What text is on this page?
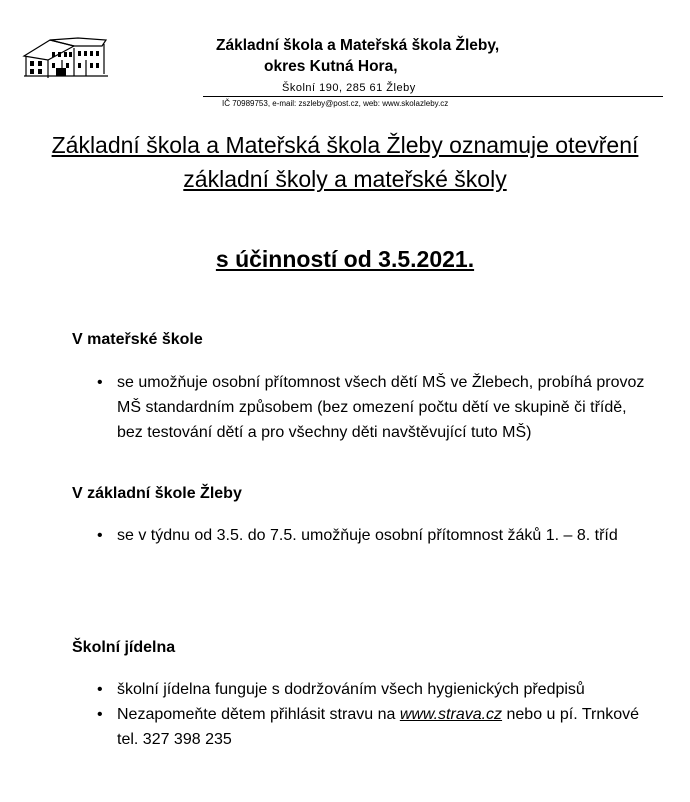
Základní škola a Mateřská škola Žleby,
okres Kutná Hora,
Školní 190, 285 61 Žleby
IČ 70989753, e-mail: zszleby@post.cz, web: www.skolazleby.cz
Základní škola a Mateřská škola Žleby oznamuje otevření základní školy a mateřské školy
s účinností od 3.5.2021.
V mateřské škole
• se umožňuje osobní přítomnost všech dětí MŠ ve Žlebech, probíhá provoz MŠ standardním způsobem (bez omezení počtu dětí ve skupině či třídě, bez testování dětí a pro všechny děti navštěvující tuto MŠ)
V základní škole Žleby
• se v týdnu od 3.5. do 7.5. umožňuje osobní přítomnost žáků 1. – 8. tříd
Školní jídelna
• školní jídelna funguje s dodržováním všech hygienických předpisů
• Nezapomeňte dětem přihlásit stravu na www.strava.cz nebo u pí. Trnkové tel. 327 398 235
